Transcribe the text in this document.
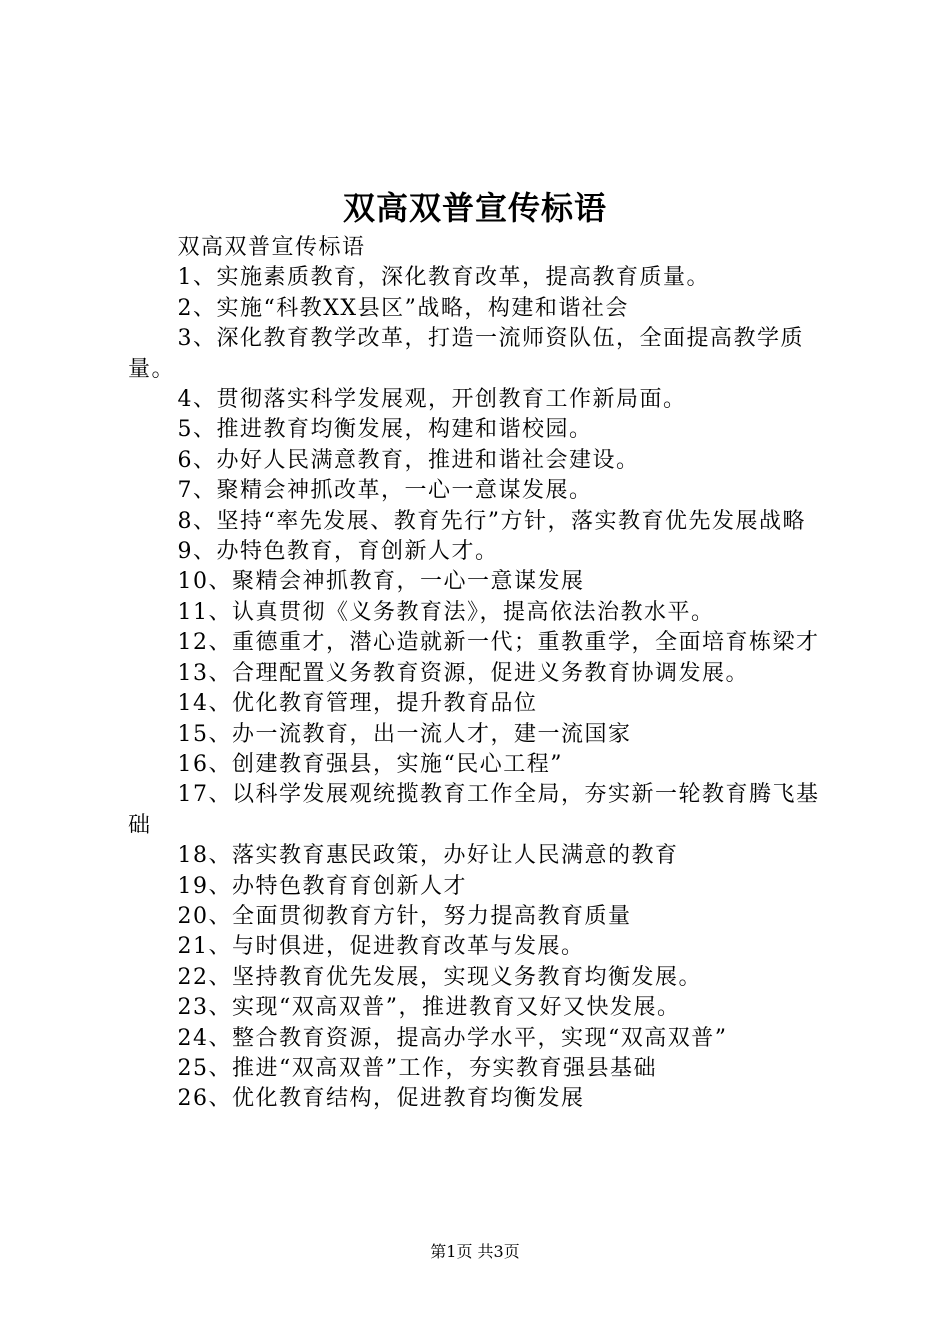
双高双普宣传标语

双高双普宣传标语

1、实施素质教育，深化教育改革，提高教育质量。

2、实施“科教XX县区”战略，构建和谐社会

3、深化教育教学改革，打造一流师资队伍，全面提高教学质量。

4、贯彻落实科学发展观，开创教育工作新局面。

5、推进教育均衡发展，构建和谐校园。

6、办好人民满意教育，推进和谐社会建设。

7、聚精会神抓改革，一心一意谋发展。

8、坚持“率先发展、教育先行”方针，落实教育优先发展战略

9、办特色教育，育创新人才。

10、聚精会神抓教育，一心一意谋发展

11、认真贯彻《义务教育法》，提高依法治教水平。

12、重德重才，潜心造就新一代；重教重学，全面培育栋梁才

13、合理配置义务教育资源，促进义务教育协调发展。

14、优化教育管理，提升教育品位

15、办一流教育，出一流人才，建一流国家

16、创建教育强县，实施“民心工程”

17、以科学发展观统揽教育工作全局，夯实新一轮教育腾飞基础

18、落实教育惠民政策，办好让人民满意的教育

19、办特色教育育创新人才

20、全面贯彻教育方针，努力提高教育质量

21、与时俱进，促进教育改革与发展。

22、坚持教育优先发展，实现义务教育均衡发展。

23、实现“双高双普”，推进教育又好又快发展。

24、整合教育资源，提高办学水平，实现“双高双普”

25、推进“双高双普”工作，夯实教育强县基础

26、优化教育结构，促进教育均衡发展

第1页 共3页
